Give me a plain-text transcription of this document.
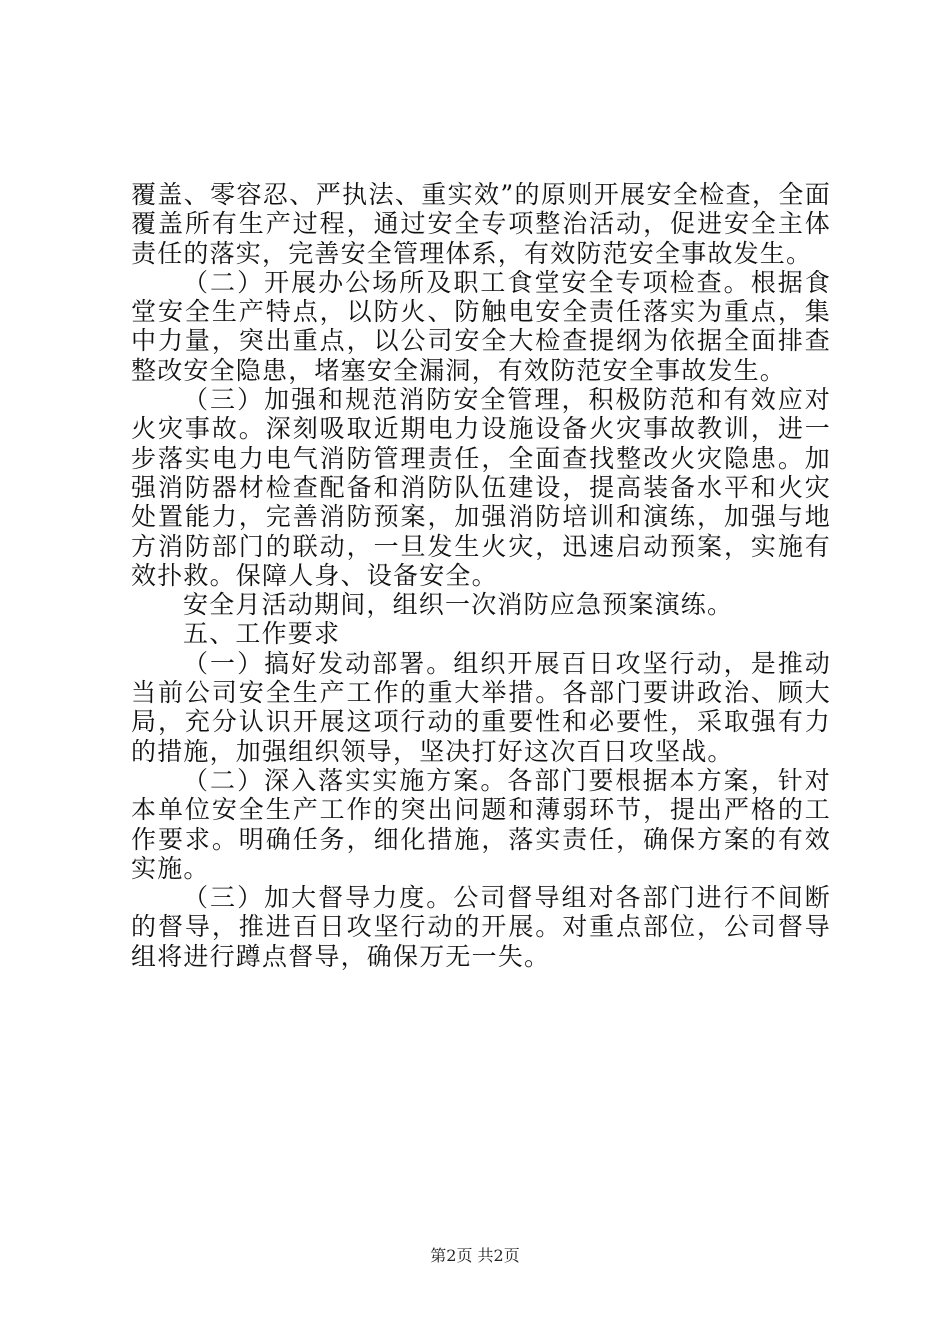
覆盖、零容忍、严执法、重实效”的原则开展安全检查，全面覆盖所有生产过程，通过安全专项整治活动，促进安全主体责任的落实，完善安全管理体系，有效防范安全事故发生。

（二）开展办公场所及职工食堂安全专项检查。根据食堂安全生产特点，以防火、防触电安全责任落实为重点，集中力量，突出重点，以公司安全大检查提纲为依据全面排查整改安全隐患，堵塞安全漏洞，有效防范安全事故发生。

（三）加强和规范消防安全管理，积极防范和有效应对火灾事故。深刻吸取近期电力设施设备火灾事故教训，进一步落实电力电气消防管理责任，全面查找整改火灾隐患。加强消防器材检查配备和消防队伍建设，提高装备水平和火灾处置能力，完善消防预案，加强消防培训和演练，加强与地方消防部门的联动，一旦发生火灾，迅速启动预案，实施有效扑救。保障人身、设备安全。

安全月活动期间，组织一次消防应急预案演练。

五、工作要求

（一）搞好发动部署。组织开展百日攻坚行动，是推动当前公司安全生产工作的重大举措。各部门要讲政治、顾大局，充分认识开展这项行动的重要性和必要性，采取强有力的措施，加强组织领导，坚决打好这次百日攻坚战。

（二）深入落实实施方案。各部门要根据本方案，针对本单位安全生产工作的突出问题和薄弱环节，提出严格的工作要求。明确任务，细化措施，落实责任，确保方案的有效实施。

（三）加大督导力度。公司督导组对各部门进行不间断的督导，推进百日攻坚行动的开展。对重点部位，公司督导组将进行蹲点督导，确保万无一失。

第2页 共2页
